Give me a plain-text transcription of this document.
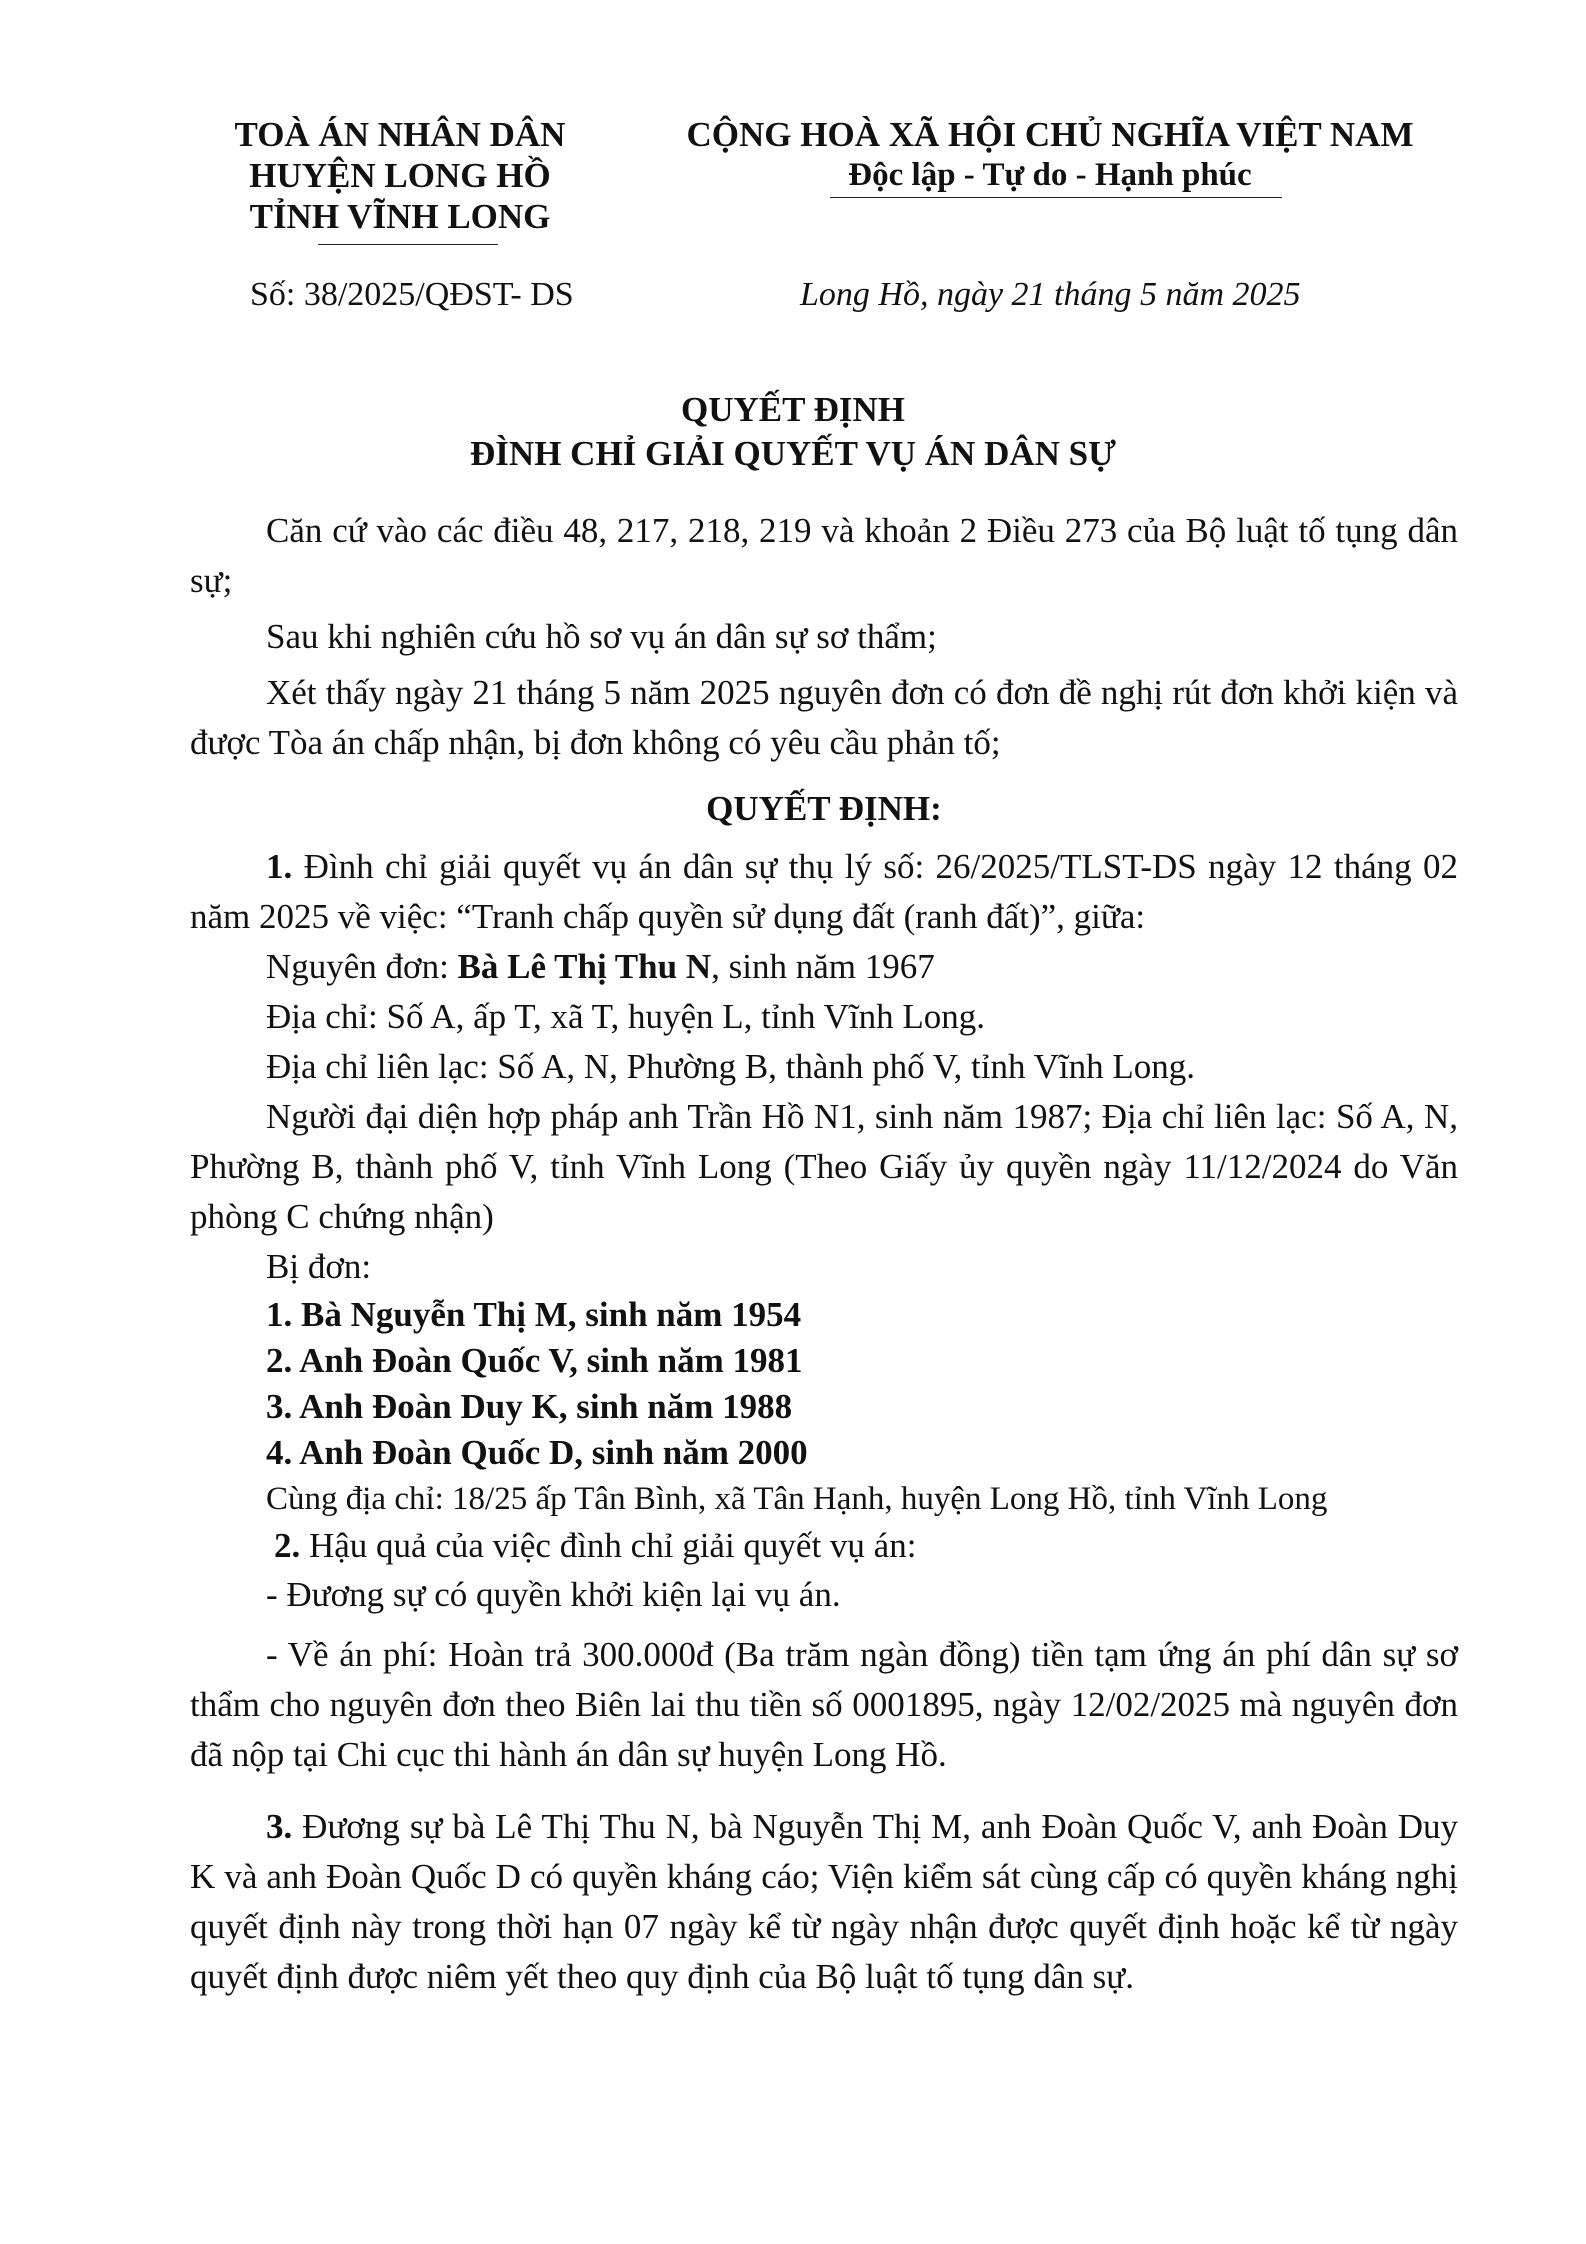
TOÀ ÁN NHÂN DÂN
HUYỆN LONG HỒ
TỈNH VĨNH LONG
CỘNG HOÀ XÃ HỘI CHỦ NGHĨA VIỆT NAM
Độc lập - Tự do - Hạnh phúc
Số: 38/2025/QĐST- DS	Long Hồ, ngày 21 tháng 5 năm 2025
QUYẾT ĐỊNH
ĐÌNH CHỈ GIẢI QUYẾT VỤ ÁN DÂN SỰ

Căn cứ vào các điều 48, 217, 218, 219 và khoản 2 Điều 273 của Bộ luật tố tụng dân sự;

Sau khi nghiên cứu hồ sơ vụ án dân sự sơ thẩm;

Xét thấy ngày 21 tháng 5 năm 2025 nguyên đơn có đơn đề nghị rút đơn khởi kiện và được Tòa án chấp nhận, bị đơn không có yêu cầu phản tố;

QUYẾT ĐỊNH:

1. Đình chỉ giải quyết vụ án dân sự thụ lý số: 26/2025/TLST-DS ngày 12 tháng 02 năm 2025 về việc: “Tranh chấp quyền sử dụng đất (ranh đất)”, giữa:

Nguyên đơn: Bà Lê Thị Thu N, sinh năm 1967

Địa chỉ: Số A, ấp T, xã T, huyện L, tỉnh Vĩnh Long.

Địa chỉ liên lạc: Số A, N, Phường B, thành phố V, tỉnh Vĩnh Long.

Người đại diện hợp pháp anh Trần Hồ N1, sinh năm 1987; Địa chỉ liên lạc: Số A, N, Phường B, thành phố V, tỉnh Vĩnh Long (Theo Giấy ủy quyền ngày 11/12/2024 do Văn phòng C chứng nhận)

Bị đơn:

1. Bà Nguyễn Thị M, sinh năm 1954

2. Anh Đoàn Quốc V, sinh năm 1981

3. Anh Đoàn Duy K, sinh năm 1988

4. Anh Đoàn Quốc D, sinh năm 2000

Cùng địa chỉ: 18/25 ấp Tân Bình, xã Tân Hạnh, huyện Long Hồ, tỉnh Vĩnh Long

2. Hậu quả của việc đình chỉ giải quyết vụ án:

- Đương sự có quyền khởi kiện lại vụ án.

- Về án phí: Hoàn trả 300.000đ (Ba trăm ngàn đồng) tiền tạm ứng án phí dân sự sơ thẩm cho nguyên đơn theo Biên lai thu tiền số 0001895, ngày 12/02/2025 mà nguyên đơn đã nộp tại Chi cục thi hành án dân sự huyện Long Hồ.

3. Đương sự bà Lê Thị Thu N, bà Nguyễn Thị M, anh Đoàn Quốc V, anh Đoàn Duy K và anh Đoàn Quốc D có quyền kháng cáo; Viện kiểm sát cùng cấp có quyền kháng nghị quyết định này trong thời hạn 07 ngày kể từ ngày nhận được quyết định hoặc kể từ ngày quyết định được niêm yết theo quy định của Bộ luật tố tụng dân sự.
